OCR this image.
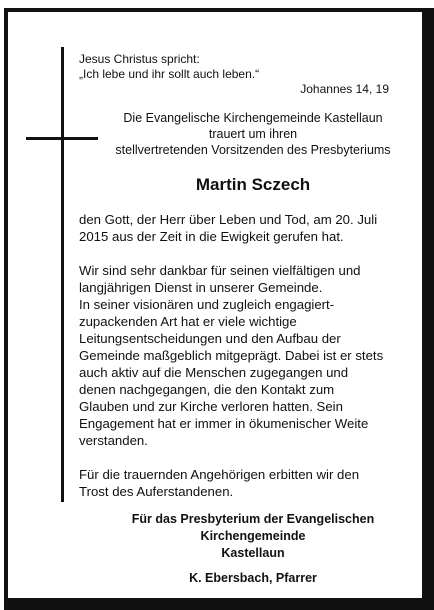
Jesus Christus spricht:
„Ich lebe und ihr sollt auch leben.“
Johannes 14, 19
Die Evangelische Kirchengemeinde Kastellaun
trauert um ihren
stellvertretenden Vorsitzenden des Presbyteriums
Martin Sczech

den Gott, der Herr über Leben und Tod, am 20. Juli
2015 aus der Zeit in die Ewigkeit gerufen hat.

Wir sind sehr dankbar für seinen vielfältigen und
langjährigen Dienst in unserer Gemeinde.
In seiner visionären und zugleich engagiert-
zupackenden Art hat er viele wichtige
Leitungsentscheidungen und den Aufbau der
Gemeinde maßgeblich mitgeprägt. Dabei ist er stets
auch aktiv auf die Menschen zugegangen und
denen nachgegangen, die den Kontakt zum
Glauben und zur Kirche verloren hatten. Sein
Engagement hat er immer in ökumenischer Weite
verstanden.

Für die trauernden Angehörigen erbitten wir den
Trost des Auferstandenen.

Für das Presbyterium der Evangelischen
Kirchengemeinde
Kastellaun
K. Ebersbach, Pfarrer
